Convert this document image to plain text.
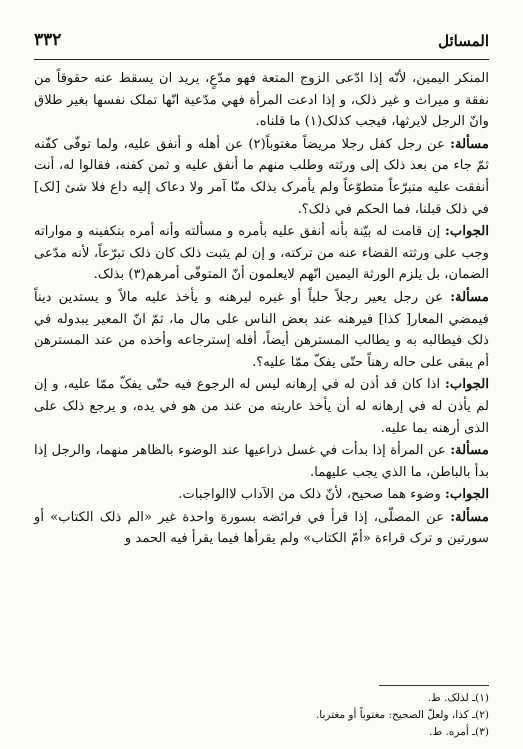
المسائل
٣٣٢

المنكر اليمين، لأنّه إذا ادّعى الزوج المتعة فهو مدّعٍ، يريد ان يسقط عنه حقوقاً من نفقة و ميراث و غير ذلک، و إذا ادعت المرأة فهي مدّعية انّها تملک نفسها بغير طلاق وانّ الرجل لايرثها، فيجب كذلک(١) ما قلناه.

مسألة: عن رجل كفل رجلا مريضاً مغتوباً(٢) عن أهله و أنفق عليه، ولما توفّى كفّنه ثمّ جاء من بعد ذلک إلى ورثته وطلب منهم ما أنفق عليه و ثمن كفنه، فقالوا له، أنت أنفقت عليه متبرّعاً متطوّعاً ولم يأمرک بذلک منّا آمر ولا دعاک إليه داع فلا شئ [لک] في ذلک قبلنا، فما الحكم في ذلک؟.

الجواب: إن قامت له بيّنة بأنه أنفق عليه بأمره و مسألته وأنه أمره بتكفينه و مواراته وجب على ورثته القضاء عنه من تركته، و إن لم يثبت ذلک كان ذلک تبرّعاً، لأنه مدّعى الضمان، بل يلزم الورثة اليمين انّهم لايعلمون أنّ المتوفّى أمرهم(٣) بذلک.

مسألة: عن رجل يعير رجلاً حلياً أو غيره ليرهنه و يأخذ عليه مالاً و يستدين ديناً فيمضي المعار[ كذا] فيرهنه عند بعض الناس على مال ما، ثمّ انّ المعير يبدوله في ذلک فيطالبه به و يطالب المسترهن أيضاً، أفله إسترجاعه وأخذه من عند المسترهن أم يبقى على حاله رهناً حتّى يفکّ ممّا عليه؟.

الجواب: اذا كان قد أذن له في إرهانه ليس له الرجوع فيه حتّى يفکّ ممّا عليه، و إن لم يأذن له في إرهانه له أن يأخذ عاريته من عند من هو في يده، و يرجع ذلک على الذى أرهنه بما عليه.

مسألة: عن المرأة إذا بدأت في غسل ذراعيها عند الوضوء بالظاهر منهما، والرجل إذا بدأ بالباطن، ما الذي يجب عليهما.

الجواب: وضوء هما صحيح، لأنّ ذلک من الآداب لاالواجبات.

مسألة: عن المصلّى، إذا قرأ في فرائضه بسورة واحدة غير «الم ذلک الكتاب» أو سورتين و ترک قراءة «أمّ الكتاب» ولم يقرأها فيما يقرأ فيه الحمد و

(١)ـ لذلک. ط.
(٢)ـ كذا، ولعلّ الصحيح: مغتوباً أو مغتربا.
(٣)ـ أمره. ط.
